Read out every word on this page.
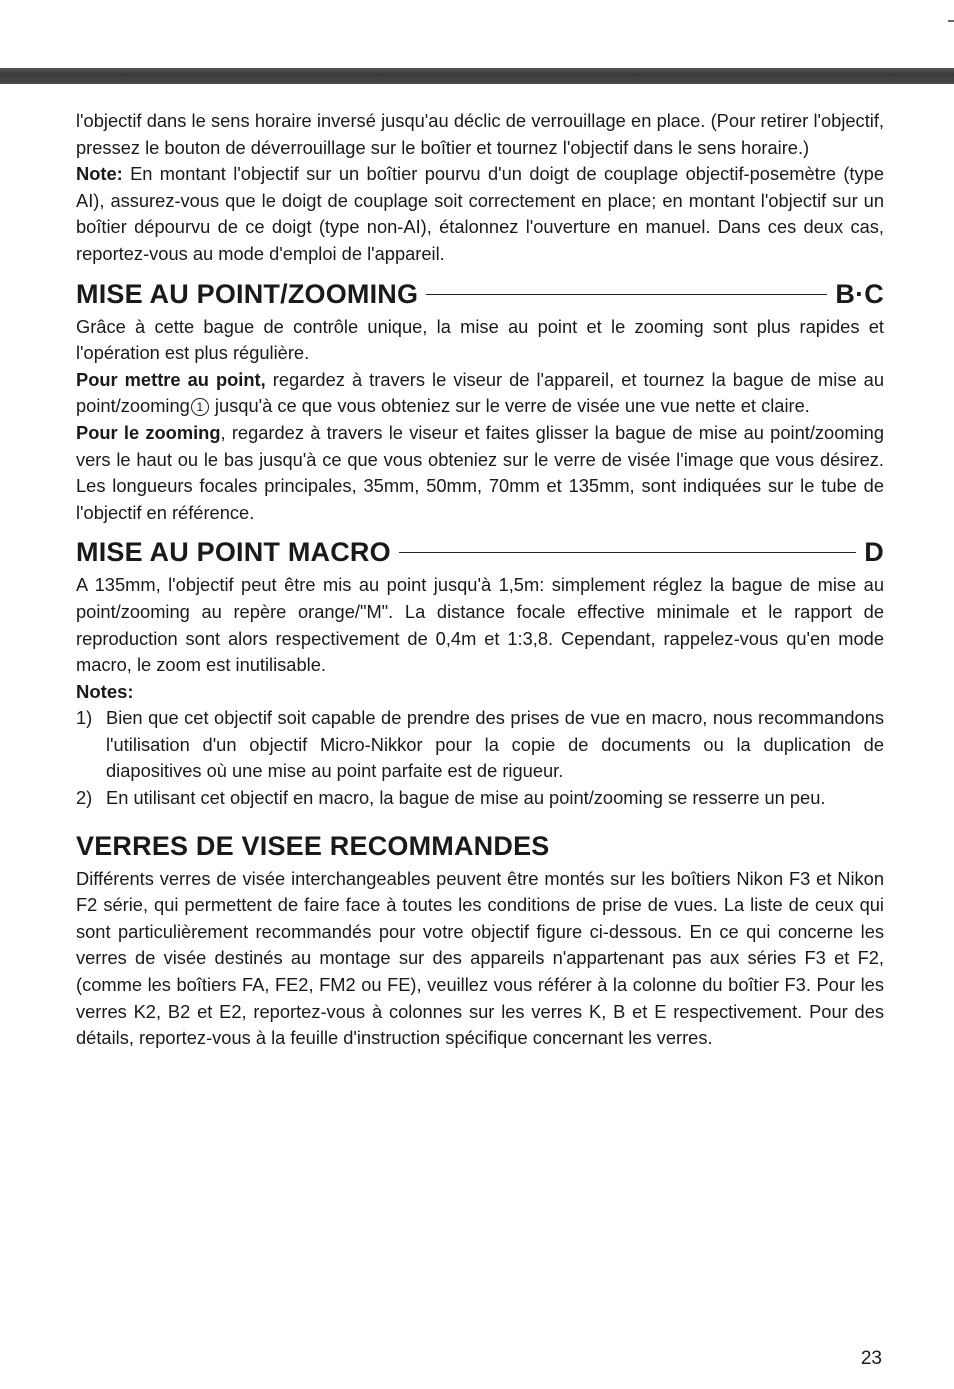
l'objectif dans le sens horaire inversé jusqu'au déclic de verrouillage en place. (Pour retirer l'objectif, pressez le bouton de déverrouillage sur le boîtier et tournez l'objectif dans le sens horaire.)

Note: En montant l'objectif sur un boîtier pourvu d'un doigt de couplage objectif-posemètre (type AI), assurez-vous que le doigt de couplage soit correctement en place; en montant l'objectif sur un boîtier dépourvu de ce doigt (type non-AI), étalonnez l'ouverture en manuel. Dans ces deux cas, reportez-vous au mode d'emploi de l'appareil.

MISE AU POINT/ZOOMING	B·C

Grâce à cette bague de contrôle unique, la mise au point et le zooming sont plus rapides et l'opération est plus régulière.

Pour mettre au point, regardez à travers le viseur de l'appareil, et tournez la bague de mise au point/zooming 1 jusqu'à ce que vous obteniez sur le verre de visée une vue nette et claire.

Pour le zooming, regardez à travers le viseur et faites glisser la bague de mise au point/zooming vers le haut ou le bas jusqu'à ce que vous obteniez sur le verre de visée l'image que vous désirez. Les longueurs focales principales, 35mm, 50mm, 70mm et 135mm, sont indiquées sur le tube de l'objectif en référence.

MISE AU POINT MACRO	D

A 135mm, l'objectif peut être mis au point jusqu'à 1,5m: simplement réglez la bague de mise au point/zooming au repère orange/"M". La distance focale effective minimale et le rapport de reproduction sont alors respectivement de 0,4m et 1:3,8. Cependant, rappelez-vous qu'en mode macro, le zoom est inutilisable.

Notes:
1) Bien que cet objectif soit capable de prendre des prises de vue en macro, nous recommandons l'utilisation d'un objectif Micro-Nikkor pour la copie de documents ou la duplication de diapositives où une mise au point parfaite est de rigueur.
2) En utilisant cet objectif en macro, la bague de mise au point/zooming se resserre un peu.
VERRES DE VISEE RECOMMANDES

Différents verres de visée interchangeables peuvent être montés sur les boîtiers Nikon F3 et Nikon F2 série, qui permettent de faire face à toutes les conditions de prise de vues. La liste de ceux qui sont particulièrement recommandés pour votre objectif figure ci-dessous. En ce qui concerne les verres de visée destinés au montage sur des appareils n'appartenant pas aux séries F3 et F2, (comme les boîtiers FA, FE2, FM2 ou FE), veuillez vous référer à la colonne du boîtier F3. Pour les verres K2, B2 et E2, reportez-vous à colonnes sur les verres K, B et E respectivement. Pour des détails, reportez-vous à la feuille d'instruction spécifique concernant les verres.

23
